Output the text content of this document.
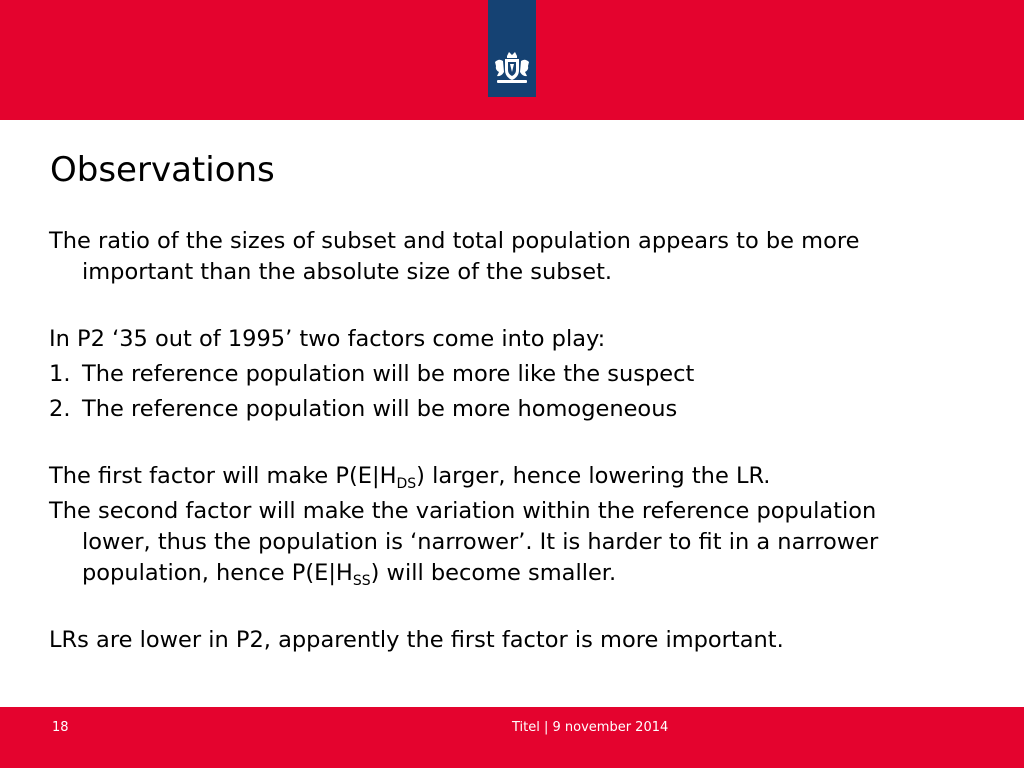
Observations

The ratio of the sizes of subset and total population appears to be more important than the absolute size of the subset.

In P2 ‘35 out of 1995’ two factors come into play:

1. The reference population will be more like the suspect
2. The reference population will be more homogeneous

The first factor will make $P(E|H_{DS})$ larger, hence lowering the LR.

The second factor will make the variation within the reference population lower, thus the population is ‘narrower’. It is harder to fit in a narrower population, hence $P(E|H_{SS})$ will become smaller.

LRs are lower in P2, apparently the first factor is more important.

18	Titel | 9 november 2014
